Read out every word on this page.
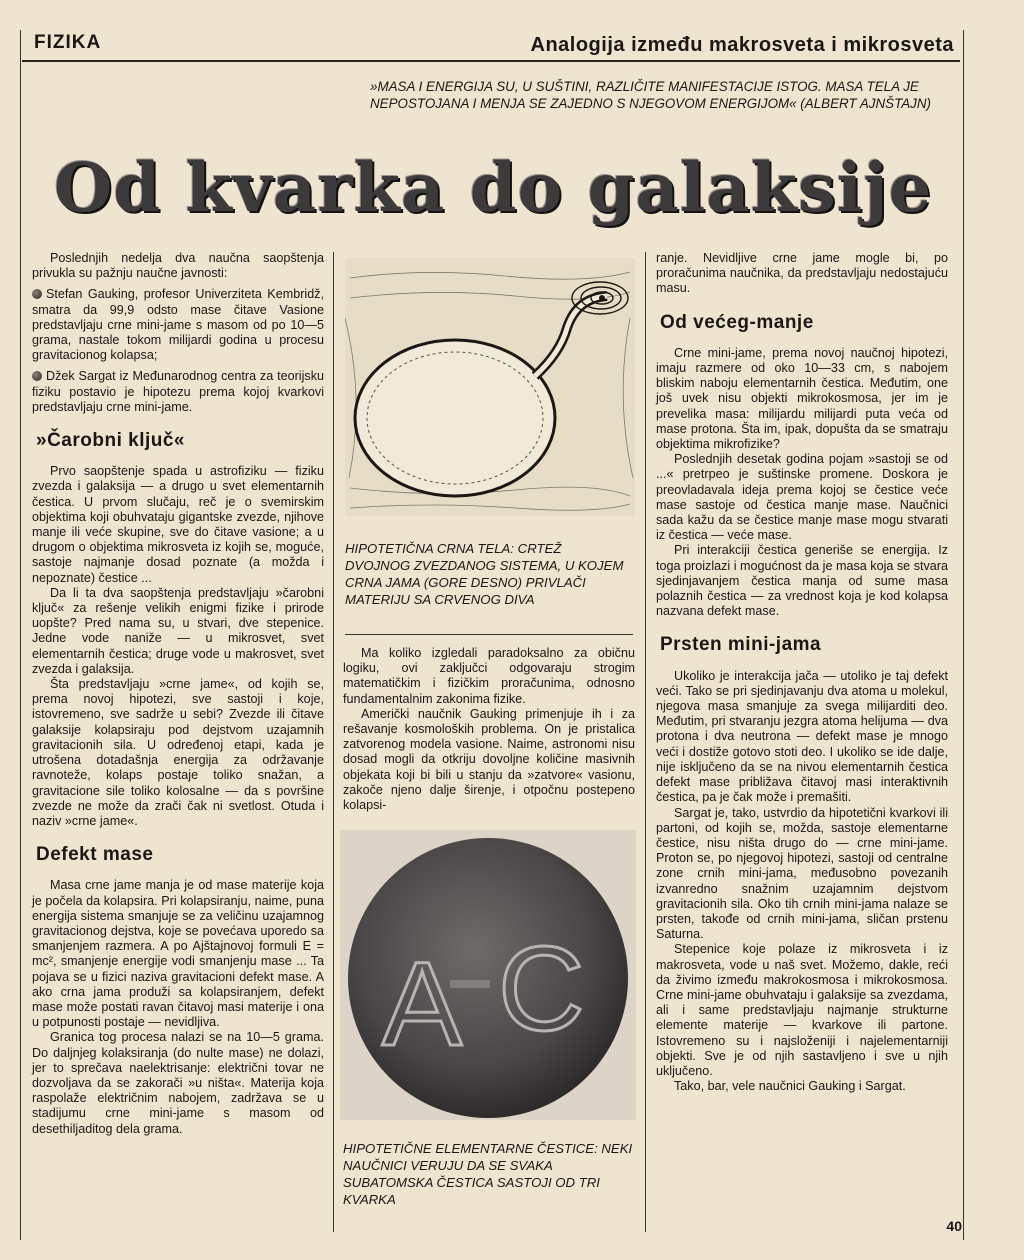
FIZIKA	Analogija između makrosveta i mikrosveta
»MASA I ENERGIJA SU, U SUŠTINI, RAZLIČITE MANIFESTACIJE ISTOG. MASA TELA JE NEPOSTOJANA I MENJA SE ZAJEDNO S NJEGOVOM ENERGIJOM« (ALBERT AJNŠTAJN)
Od kvarka do galaksije

Poslednjih nedelja dva naučna saopštenja privukla su pažnju naučne javnosti:

Stefan Gauking, profesor Univerziteta Kembridž, smatra da 99,9 odsto mase čitave Vasione predstavljaju crne mini-jame s masom od po 10—5 grama, nastale tokom milijardi godina u procesu gravitacionog kolapsa;

Džek Sargat iz Međunarodnog centra za teorijsku fiziku postavio je hipotezu prema kojoj kvarkovi predstavljaju crne mini-jame.

»Čarobni ključ«

Prvo saopštenje spada u astrofiziku — fiziku zvezda i galaksija — a drugo u svet elementarnih čestica. U prvom slučaju, reč je o svemirskim objektima koji obuhvataju gigantske zvezde, njihove manje ili veće skupine, sve do čitave vasione; a u drugom o objektima mikrosveta iz kojih se, moguće, sastoje najmanje dosad poznate (a možda i nepoznate) čestice ...

Da li ta dva saopštenja predstavljaju »čarobni ključ« za rešenje velikih enigmi fizike i prirode uopšte? Pred nama su, u stvari, dve stepenice. Jedne vode naniže — u mikrosvet, svet elementarnih čestica; druge vode u makrosvet, svet zvezda i galaksija.

Šta predstavljaju »crne jame«, od kojih se, prema novoj hipotezi, sve sastoji i koje, istovremeno, sve sadrže u sebi? Zvezde ili čitave galaksije kolapsiraju pod dejstvom uzajamnih gravitacionih sila. U određenoj etapi, kada je utrošena dotadašnja energija za održavanje ravnoteže, kolaps postaje toliko snažan, a gravitacione sile toliko kolosalne — da s površine zvezde ne može da zrači čak ni svetlost. Otuda i naziv »crne jame«.

Defekt mase

Masa crne jame manja je od mase materije koja je počela da kolapsira. Pri kolapsiranju, naime, puna energija sistema smanjuje se za veličinu uzajamnog gravitacionog dejstva, koje se povećava uporedo sa smanjenjem razmera. A po Ajštajnovoj formuli E = mc², smanjenje energije vodi smanjenju mase ... Ta pojava se u fizici naziva gravitacioni defekt mase. A ako crna jama produži sa kolapsiranjem, defekt mase može postati ravan čitavoj masi materije i ona u potpunosti postaje — nevidljiva.

Granica tog procesa nalazi se na 10—5 grama. Do daljnjeg kolaksiranja (do nulte mase) ne dolazi, jer to sprečava naelektrisanje: električni tovar ne dozvoljava da se zakorači »u ništa«. Materija koja raspolaže električnim nabojem, zadržava se u stadijumu crne mini-jame s masom od desethiljaditog dela grama.

HIPOTETIČNA CRNA TELA: CRTEŽ DVOJNOG ZVEZDANOG SISTEMA, U KOJEM CRNA JAMA (GORE DESNO) PRIVLAČI MATERIJU SA CRVENOG DIVA

Ma koliko izgledali paradoksalno za običnu logiku, ovi zaključci odgovaraju strogim matematičkim i fizičkim proračunima, odnosno fundamentalnim zakonima fizike.

Američki naučnik Gauking primenjuje ih i za rešavanje kosmoloških problema. On je pristalica zatvorenog modela vasione. Naime, astronomi nisu dosad mogli da otkriju dovoljne količine masivnih objekata koji bi bili u stanju da »zatvore« vasionu, zakoče njeno dalje širenje, i otpočnu postepeno kolapsi-

A C
HIPOTETIČNE ELEMENTARNE ČESTICE: NEKI NAUČNICI VERUJU DA SE SVAKA SUBATOMSKA ČESTICA SASTOJI OD TRI KVARKA

ranje. Nevidljive crne jame mogle bi, po proračunima naučnika, da predstavljaju nedostajuću masu.

Od većeg-manje

Crne mini-jame, prema novoj naučnoj hipotezi, imaju razmere od oko 10—33 cm, s nabojem bliskim naboju elementarnih čestica. Međutim, one još uvek nisu objekti mikrokosmosa, jer im je prevelika masa: milijardu milijardi puta veća od mase protona. Šta im, ipak, dopušta da se smatraju objektima mikrofizike?

Poslednjih desetak godina pojam »sastoji se od ...« pretrpeo je suštinske promene. Doskora je preovladavala ideja prema kojoj se čestice veće mase sastoje od čestica manje mase. Naučnici sada kažu da se čestice manje mase mogu stvarati iz čestica — veće mase.

Pri interakciji čestica generiše se energija. Iz toga proizlazi i mogućnost da je masa koja se stvara sjedinjavanjem čestica manja od sume masa polaznih čestica — za vrednost koja je kod kolapsa nazvana defekt mase.

Prsten mini-jama

Ukoliko je interakcija jača — utoliko je taj defekt veći. Tako se pri sjedinjavanju dva atoma u molekul, njegova masa smanjuje za svega milijarditi deo. Međutim, pri stvaranju jezgra atoma helijuma — dva protona i dva neutrona — defekt mase je mnogo veći i dostiže gotovo stoti deo. I ukoliko se ide dalje, nije isključeno da se na nivou elementarnih čestica defekt mase približava čitavoj masi interaktivnih čestica, pa je čak može i premašiti.

Sargat je, tako, ustvrdio da hipotetični kvarkovi ili partoni, od kojih se, možda, sastoje elementarne čestice, nisu ništa drugo do — crne mini-jame. Proton se, po njegovoj hipotezi, sastoji od centralne zone crnih mini-jama, međusobno povezanih izvanredno snažnim uzajamnim dejstvom gravitacionih sila. Oko tih crnih mini-jama nalaze se prsten, takođe od crnih mini-jama, sličan prstenu Saturna.

Stepenice koje polaze iz mikrosveta i iz makrosveta, vode u naš svet. Možemo, dakle, reći da živimo između makrokosmosa i mikrokosmosa. Crne mini-jame obuhvataju i galaksije sa zvezdama, ali i same predstavljaju najmanje strukturne elemente materije — kvarkove ili partone. Istovremeno su i najsloženiji i najelementarniji objekti. Sve je od njih sastavljeno i sve u njih uključeno.

Tako, bar, vele naučnici Gauking i Sargat.

40
